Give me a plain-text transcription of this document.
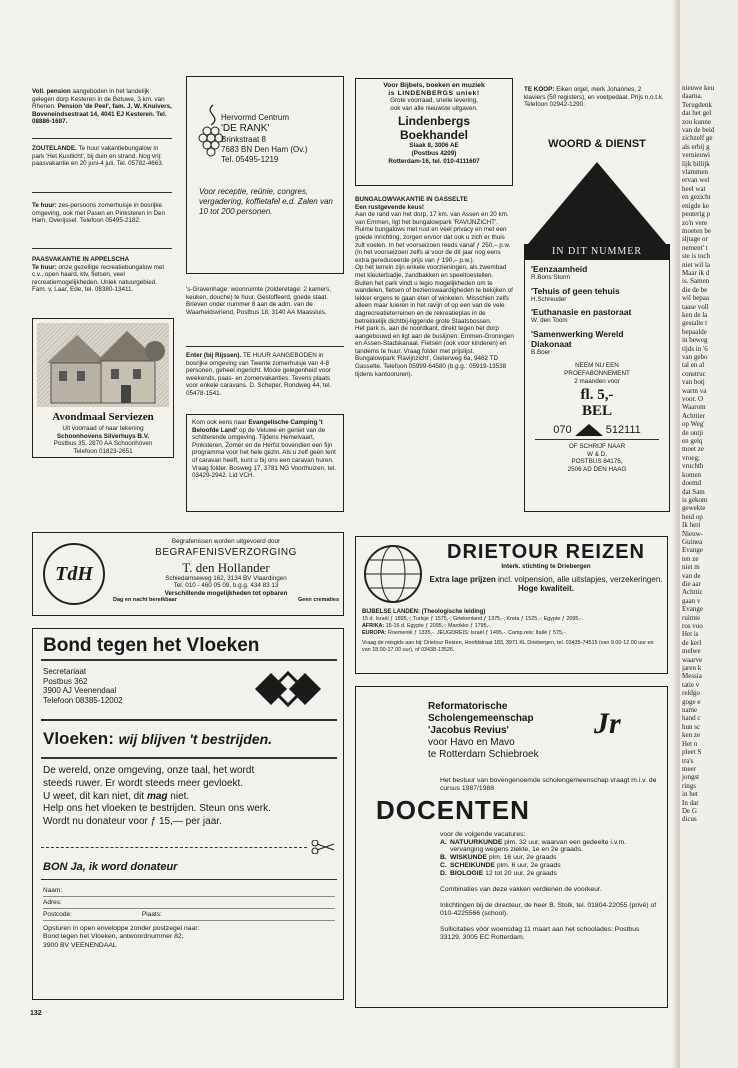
Voll. pension aangeboden in het landelijk gelegen dorp Kesteren in de Betuwe, 3 km. van Rhenen. Pension 'de Peel', fam. J. W. Knuivers, Boveneindsestraat 14, 4041 EJ Kesteren. Tel. 08886-1687.

ZOUTELANDE. Te huur vakantiebungalow in park 'Het Kustlicht', bij duin en strand. Nog vrij: paasvakantie en 20 juni-4 juli. Tel. 05782-4663.

Te huur: zes-persoons zomerhuisje in bosrijke omgeving, ook met Pasen en Pinksteren in Den Ham, Overijssel. Telefoon 05495-2182.

PAASVAKANTIE IN APPELSCHA

Te huur: onze gezellige recreatiebungalow met c.v., open haard, ktv, fietsen, veel recreatiemogelijkheden. Uniek natuurgebied.

Fam. v. Laar, Ede, tel. 08380-13411.

Avondmaal Serviezen

Uit voorraad of naar tekening

Schoonhovens Silverhuys B.V.

Postbus 35, 2870 AA Schoonhoven

Telefoon 01823-2651

Hervormd Centrum

'DE RANK'

Brinkstraat 8

7683 BN Den Ham (Ov.)

Tel. 05495-1219

Voor receptie, reünie, congres, vergadering, koffietafel e.d. Zalen van 10 tot 200 personen.

's-Gravenhage: woonruimte (zolderetage: 2 kamers, keuken, douche) te huur. Gestoffeerd, goede staat. Brieven onder nummer 8 aan de adm. van de Waarheidsvriend, Postbus 18, 3140 AA Maassluis.

Enter (bij Rijssen). TE HUUR AANGEBODEN in bosrijke omgeving van Twente zomerhuisje van 4-8 personen, geheel ingericht. Mooie gelegenheid voor weekends, paas- en zomervakanties. Tevens plaats voor enkele caravans. D. Scheper, Rondweg 44, tel. 05478-1541.

Kom ook eens naar Evangelische Camping 't Beloofde Land' op de Veluwe en geniet van de schitterende omgeving. Tijdens Hemelvaart, Pinksteren, Zomer en de Herfst bovendien een fijn programma voor het hele gezin. Als u zelf geen tent of caravan heeft, kunt u bij ons een caravan huren. Vraag folder. Bosweg 17, 3781 NG Voorthuizen, tel. 03429-2942. Lid VCH.

Voor Bijbels, boeken en muziek

is LINDENBERGS uniek!

Grote voorraad, snelle levering,

ook van alle nieuwste uitgaven.

Lindenbergs

Boekhandel

Slaak 8, 3006 AE

(Postbus 4209)

Rotterdam-16, tel. 010-4111607

BUNGALOWVAKANTIE IN GASSELTE

Een rustgevende keus!

Aan de rand van het dorp, 17 km. van Assen en 20 km. van Emmen, ligt het bungalowpark 'RAVIJNZICHT'. Ruime bungalows met rust en veel privacy en met een goede inrichting, zorgen ervoor dat ook u zich er thuis zult voelen. In het voorseizoen reeds vanaf ƒ 250,– p.w. (in het voorseizoen zelfs al voor de dit jaar nog eens extra gereduceerde prijs van ƒ 190,– p.w.).

Op het terrein zijn enkele voorzieningen, als zwembad met kleuterbadje, zandbakken en speeltoestellen.

Buiten het park vindt u legio mogelijkheden om te wandelen, fietsen of bezienswaardigheden te bekijken of lekker ergens te gaan eten of winkelen. Misschien zelfs alleen maar luieren in het ravijn of op een van de vele dagrecreatieterreinen en de rekreatieplas in de betrekkelijk dichtbij-liggende grote Staatsbossen.

Het park is, aan de noordkant, direkt tegen het dorp aangebouwd en ligt aan de buslijnen: Emmen-Groningen en Assen-Stadskanaal. Fietsen (ook voor kinderen) en tandems te huur. Vraag folder met prijslijst.

Bungalowpark 'Ravijnzicht', Gieterweg 6a, 9462 TD Gasselte. Telefoon 05999-64580 (b.g.g.: 05919-13538 tijdens kantooruren).

TE KOOP: Eiken orgel, merk Johannes, 2 klaviers (50 registers), en voetpedaal. Prijs n.o.t.k. Telefoon 02942-1290.

WOORD & DIENST

IN DIT NUMMER

'Eenzaamheid

R.Bons Storm

'Tehuis of geen tehuis

H.Schreuder

'Euthanasie en pastoraat

W. den Toom

'Samenwerking Wereld Diakonaat

B.Boer

NEEM NU EEN

PROEFABONNEMENT

2 maanden voor

fl. 5,-

BEL

070	512111

OF SCHRIJF NAAR

W & D,

POSTBUS 84176,

2506 AD DEN HAAG

TdH

Begrafenissen worden uitgevoerd door

BEGRAFENISVERZORGING

T. den Hollander

Schiedamseweg 162, 3134 BV Vlaardingen

Tel. 010 - 460 05 09, b.g.g. 434 83 13

Verschillende mogelijkheden tot opbaren

Dag en nacht bereikbaar	Geen crematies

DRIETOUR REIZEN

Interk. stichting te Driebergen

Extra lage prijzen incl. volpension, alle uitstapjes, verzekeringen. Hoge kwaliteit.

BIJBELSE LANDEN: (Theologische leiding)

15 d. Israël ƒ 1895,-; Turkije ƒ 1575,-; Griekenland ƒ 1375,-; Kreta ƒ 1525,-; Egypte ƒ 2095,-.

AFRIKA: 15-16 d. Egypte ƒ 2095,-; Marokko ƒ 1795,-.

EUROPA: Roemenië ƒ 1335,-. JEUGDREIS: Israël ƒ 1495,-. Camp.reis: Italië ƒ 575,-.

Vraag de reisgids aan bij: Drietour Reizen, Hoofdstraat 183, 3971 KL Driebergen, tel. 03435-74515 (van 9.00-12.00 uur en van 18.00-17.00 uur), of 03438-13526.

Bond tegen het Vloeken

Secretariaat

Postbus 362

3900 AJ Veenendaal

Telefoon 08385-12002

Vloeken: wij blijven 't bestrijden.

De wereld, onze omgeving, onze taal, het wordt

steeds ruwer. Er wordt steeds meer gevloekt.

U weet, dit kan niet, dit mag niet.

Help ons het vloeken te bestrijden. Steun ons werk.

Wordt nu donateur voor ƒ 15,— per jaar.

BON Ja, ik word donateur

Naam:
Adres:
Postcode:	Plaats:

Opsturen in open enveloppe zonder postzegel naar:

Bond tegen het Vloeken, antwoordnummer 82,

3900 BV VEENENDAAL

Reformatorische

Scholengemeenschap

'Jacobus Revius'

voor Havo en Mavo

te Rotterdam Schiebroek

Jr

Het bestuur van bovengenoemde scholengemeenschap vraagt m.i.v. de cursus 1987/1988

DOCENTEN

voor de volgende vacatures:

A. NATUURKUNDE plm. 32 uur, waarvan een gedeelte i.v.m. vervanging wegens ziekte, 1e en 2e graads.
B. WISKUNDE plm. 16 uur, 2e graads
C. SCHEIKUNDE plm. 6 uur, 2e graads
D. BIOLOGIE 12 tot 20 uur, 2e graads

Combinaties van deze vakken verdienen de voorkeur.

Inlichtingen bij de directeur, de heer B. Stolk, tel. 01804-22055 (privé) of 010-4225566 (school).

Sollicitaties vóór woensdag 11 maart aan het schoolades: Postbus 33129, 3005 EC Rotterdam.

132

nieuwe keu
daarna.
Terugdenk
dat het gel
zou kunne
van de beid
zichzelf ge
als erbij g
vernieuwi
lijk billijk
vlammen
ervan wel
heel wat
en gezicht
enigde ke
peuterig p
zo'n vere
moeten be
sljtage or
nement' t
ste is toch
niet wil la
Maar ik d
is. Samen
die de be
wil bepaa
taase voll
ken de la
gestalte t
bepaalde
in beweg
tijds in '6
van gebo
tal en al
construc
van botj
warm va
voor. O
Waarom
Achttier
op Weg'
de ontji
en gelq
moet ze
vroeg;
vruchtb
komen
doemd
dat Sam
is gekom
gewekte
heid op
Ik heri
Nieuw-
Guinea
Evange
ten ze
niet m
van de
die aar
Achttic
gaan v
Evange
ruimte
ros voo
Het is
de kerl
melwe
waarve
jaren k
Messia
tatie v
reldgo
goge e
name
hand c
hun sc
ken ze
Het n
pleet S
tra's
meer
jongst
rings
in het
In dar
De G
dicus
